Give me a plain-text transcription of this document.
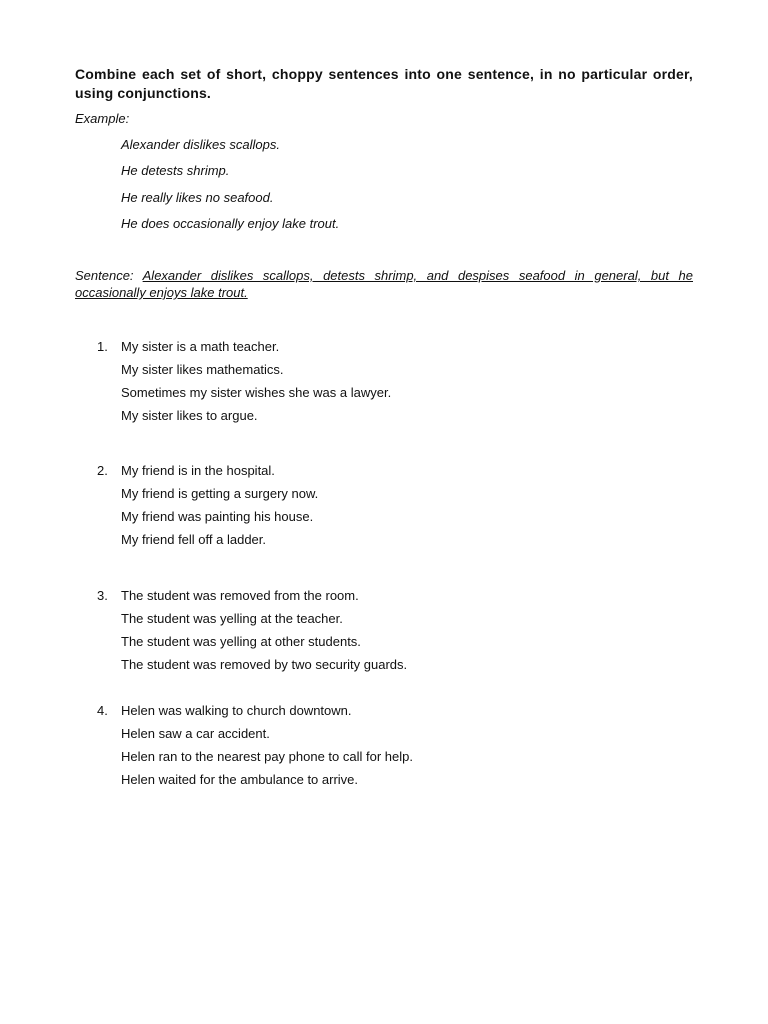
Combine each set of short, choppy sentences into one sentence, in no particular order, using conjunctions.
Example:
Alexander dislikes scallops.
He detests shrimp.
He really likes no seafood.
He does occasionally enjoy lake trout.
Sentence: Alexander dislikes scallops, detests shrimp, and despises seafood in general, but he occasionally enjoys lake trout.
1. My sister is a math teacher.
My sister likes mathematics.
Sometimes my sister wishes she was a lawyer.
My sister likes to argue.
2. My friend is in the hospital.
My friend is getting a surgery now.
My friend was painting his house.
My friend fell off a ladder.
3. The student was removed from the room.
The student was yelling at the teacher.
The student was yelling at other students.
The student was removed by two security guards.
4. Helen was walking to church downtown.
Helen saw a car accident.
Helen ran to the nearest pay phone to call for help.
Helen waited for the ambulance to arrive.
